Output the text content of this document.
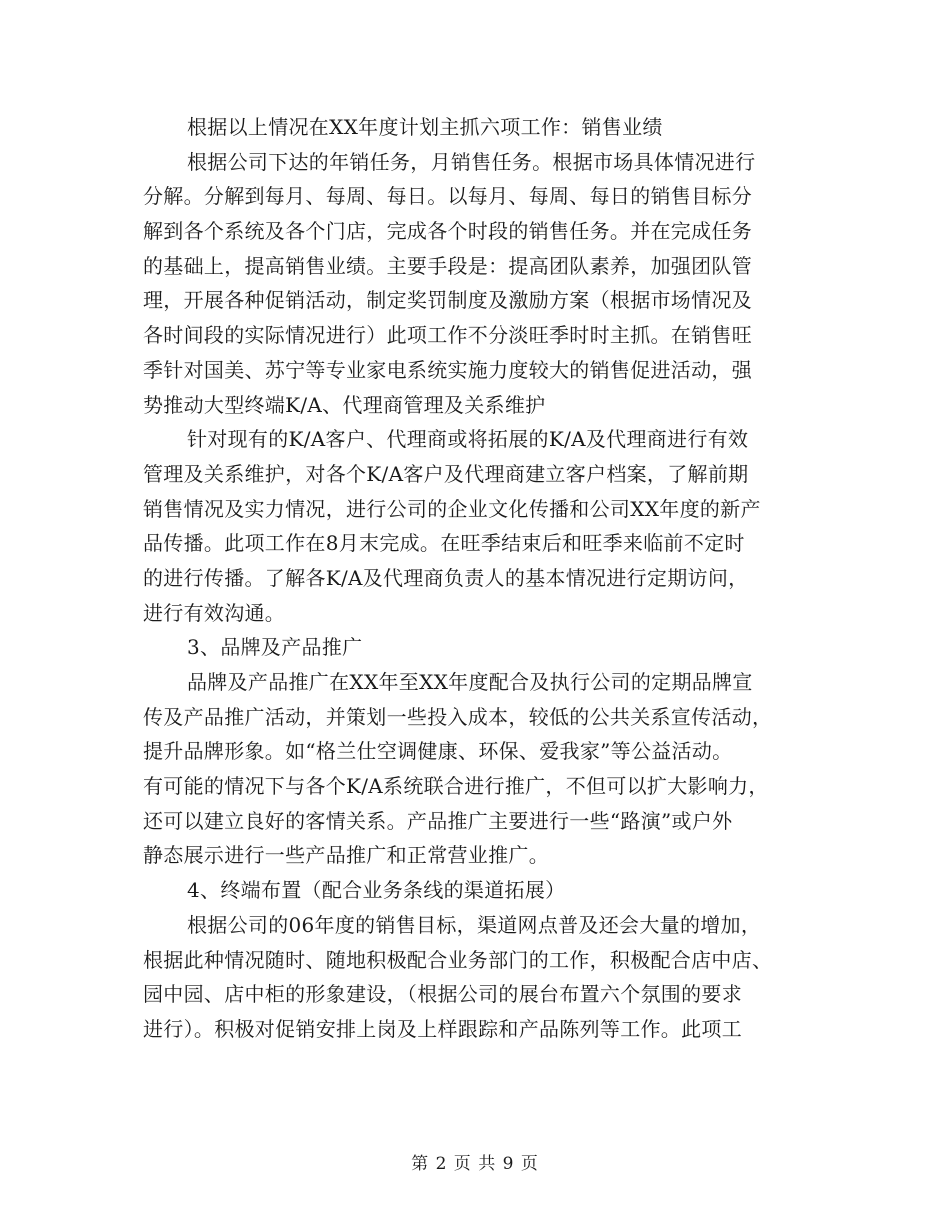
根据以上情况在XX年度计划主抓六项工作：销售业绩
根据公司下达的年销任务，月销售任务。根据市场具体情况进行
分解。分解到每月、每周、每日。以每月、每周、每日的销售目标分
解到各个系统及各个门店，完成各个时段的销售任务。并在完成任务
的基础上，提高销售业绩。主要手段是：提高团队素养，加强团队管
理，开展各种促销活动，制定奖罚制度及激励方案（根据市场情况及
各时间段的实际情况进行）此项工作不分淡旺季时时主抓。在销售旺
季针对国美、苏宁等专业家电系统实施力度较大的销售促进活动，强
势推动大型终端K/A、代理商管理及关系维护
针对现有的K/A客户、代理商或将拓展的K/A及代理商进行有效
管理及关系维护，对各个K/A客户及代理商建立客户档案，了解前期
销售情况及实力情况，进行公司的企业文化传播和公司XX年度的新产
品传播。此项工作在8月末完成。在旺季结束后和旺季来临前不定时
的进行传播。了解各K/A及代理商负责人的基本情况进行定期访问，
进行有效沟通。
3、品牌及产品推广
品牌及产品推广在XX年至XX年度配合及执行公司的定期品牌宣
传及产品推广活动，并策划一些投入成本，较低的公共关系宣传活动，
提升品牌形象。如“格兰仕空调健康、环保、爱我家”等公益活动。
有可能的情况下与各个K/A系统联合进行推广，不但可以扩大影响力，
还可以建立良好的客情关系。产品推广主要进行一些“路演”或户外
静态展示进行一些产品推广和正常营业推广。
4、终端布置（配合业务条线的渠道拓展）
根据公司的06年度的销售目标，渠道网点普及还会大量的增加，
根据此种情况随时、随地积极配合业务部门的工作，积极配合店中店、
园中园、店中柜的形象建设，（根据公司的展台布置六个氛围的要求
进行）。积极对促销安排上岗及上样跟踪和产品陈列等工作。此项工
第 2 页 共 9 页
